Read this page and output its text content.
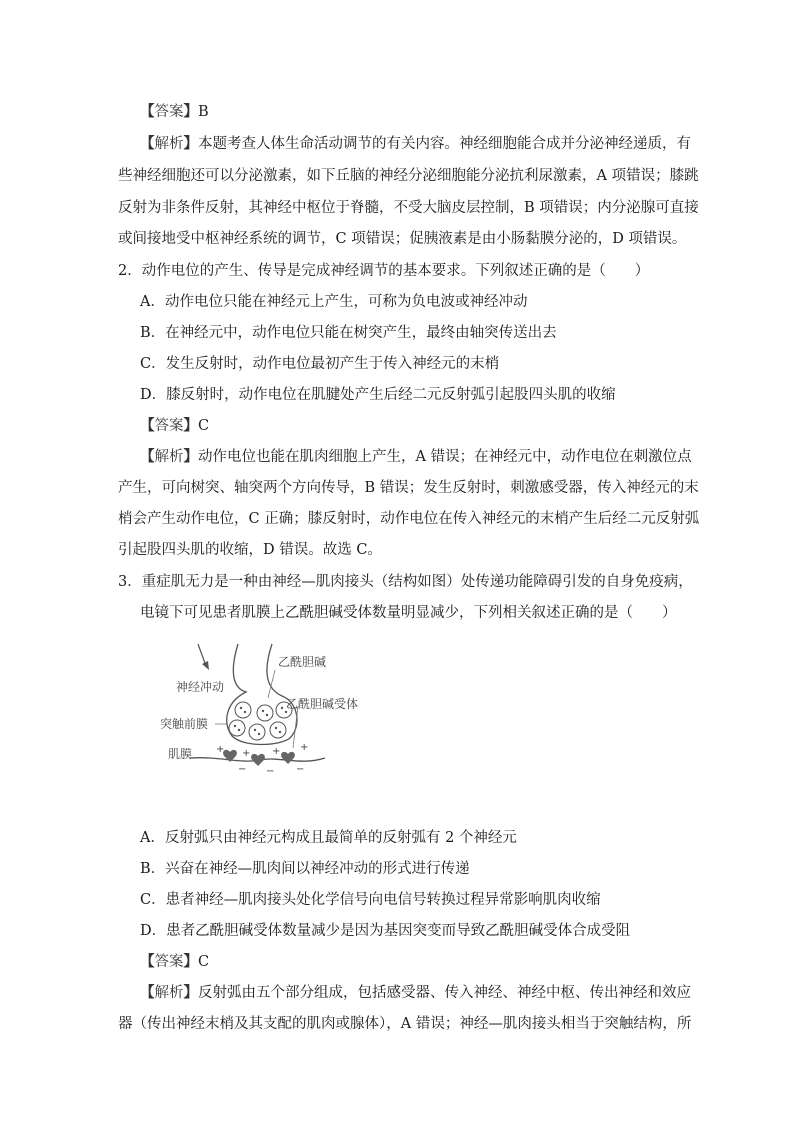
【答案】B
【解析】本题考查人体生命活动调节的有关内容。神经细胞能合成并分泌神经递质，有
些神经细胞还可以分泌激素，如下丘脑的神经分泌细胞能分泌抗利尿激素，A 项错误；膝跳
反射为非条件反射，其神经中枢位于脊髓，不受大脑皮层控制，B 项错误；内分泌腺可直接
或间接地受中枢神经系统的调节，C 项错误；促胰液素是由小肠黏膜分泌的，D 项错误。
2．动作电位的产生、传导是完成神经调节的基本要求。下列叙述正确的是（　　）
A．动作电位只能在神经元上产生，可称为负电波或神经冲动
B．在神经元中，动作电位只能在树突产生，最终由轴突传送出去
C．发生反射时，动作电位最初产生于传入神经元的末梢
D．膝反射时，动作电位在肌腱处产生后经二元反射弧引起股四头肌的收缩
【答案】C
【解析】动作电位也能在肌肉细胞上产生，A 错误；在神经元中，动作电位在刺激位点
产生，可向树突、轴突两个方向传导，B 错误；发生反射时，刺激感受器，传入神经元的末
梢会产生动作电位，C 正确；膝反射时，动作电位在传入神经元的末梢产生后经二元反射弧
引起股四头肌的收缩，D 错误。故选 C。
3．重症肌无力是一种由神经—肌肉接头（结构如图）处传递功能障碍引发的自身免疫病，
电镜下可见患者肌膜上乙酰胆碱受体数量明显减少，下列相关叙述正确的是（　　）
+ + + +
− − −
乙酰胆碱
神经冲动
乙酰胆碱受体
突触前膜
肌膜
A．反射弧只由神经元构成且最简单的反射弧有 2 个神经元
B．兴奋在神经—肌肉间以神经冲动的形式进行传递
C．患者神经—肌肉接头处化学信号向电信号转换过程异常影响肌肉收缩
D．患者乙酰胆碱受体数量减少是因为基因突变而导致乙酰胆碱受体合成受阻
【答案】C
【解析】反射弧由五个部分组成，包括感受器、传入神经、神经中枢、传出神经和效应
器（传出神经末梢及其支配的肌肉或腺体），A 错误；神经—肌肉接头相当于突触结构，所
